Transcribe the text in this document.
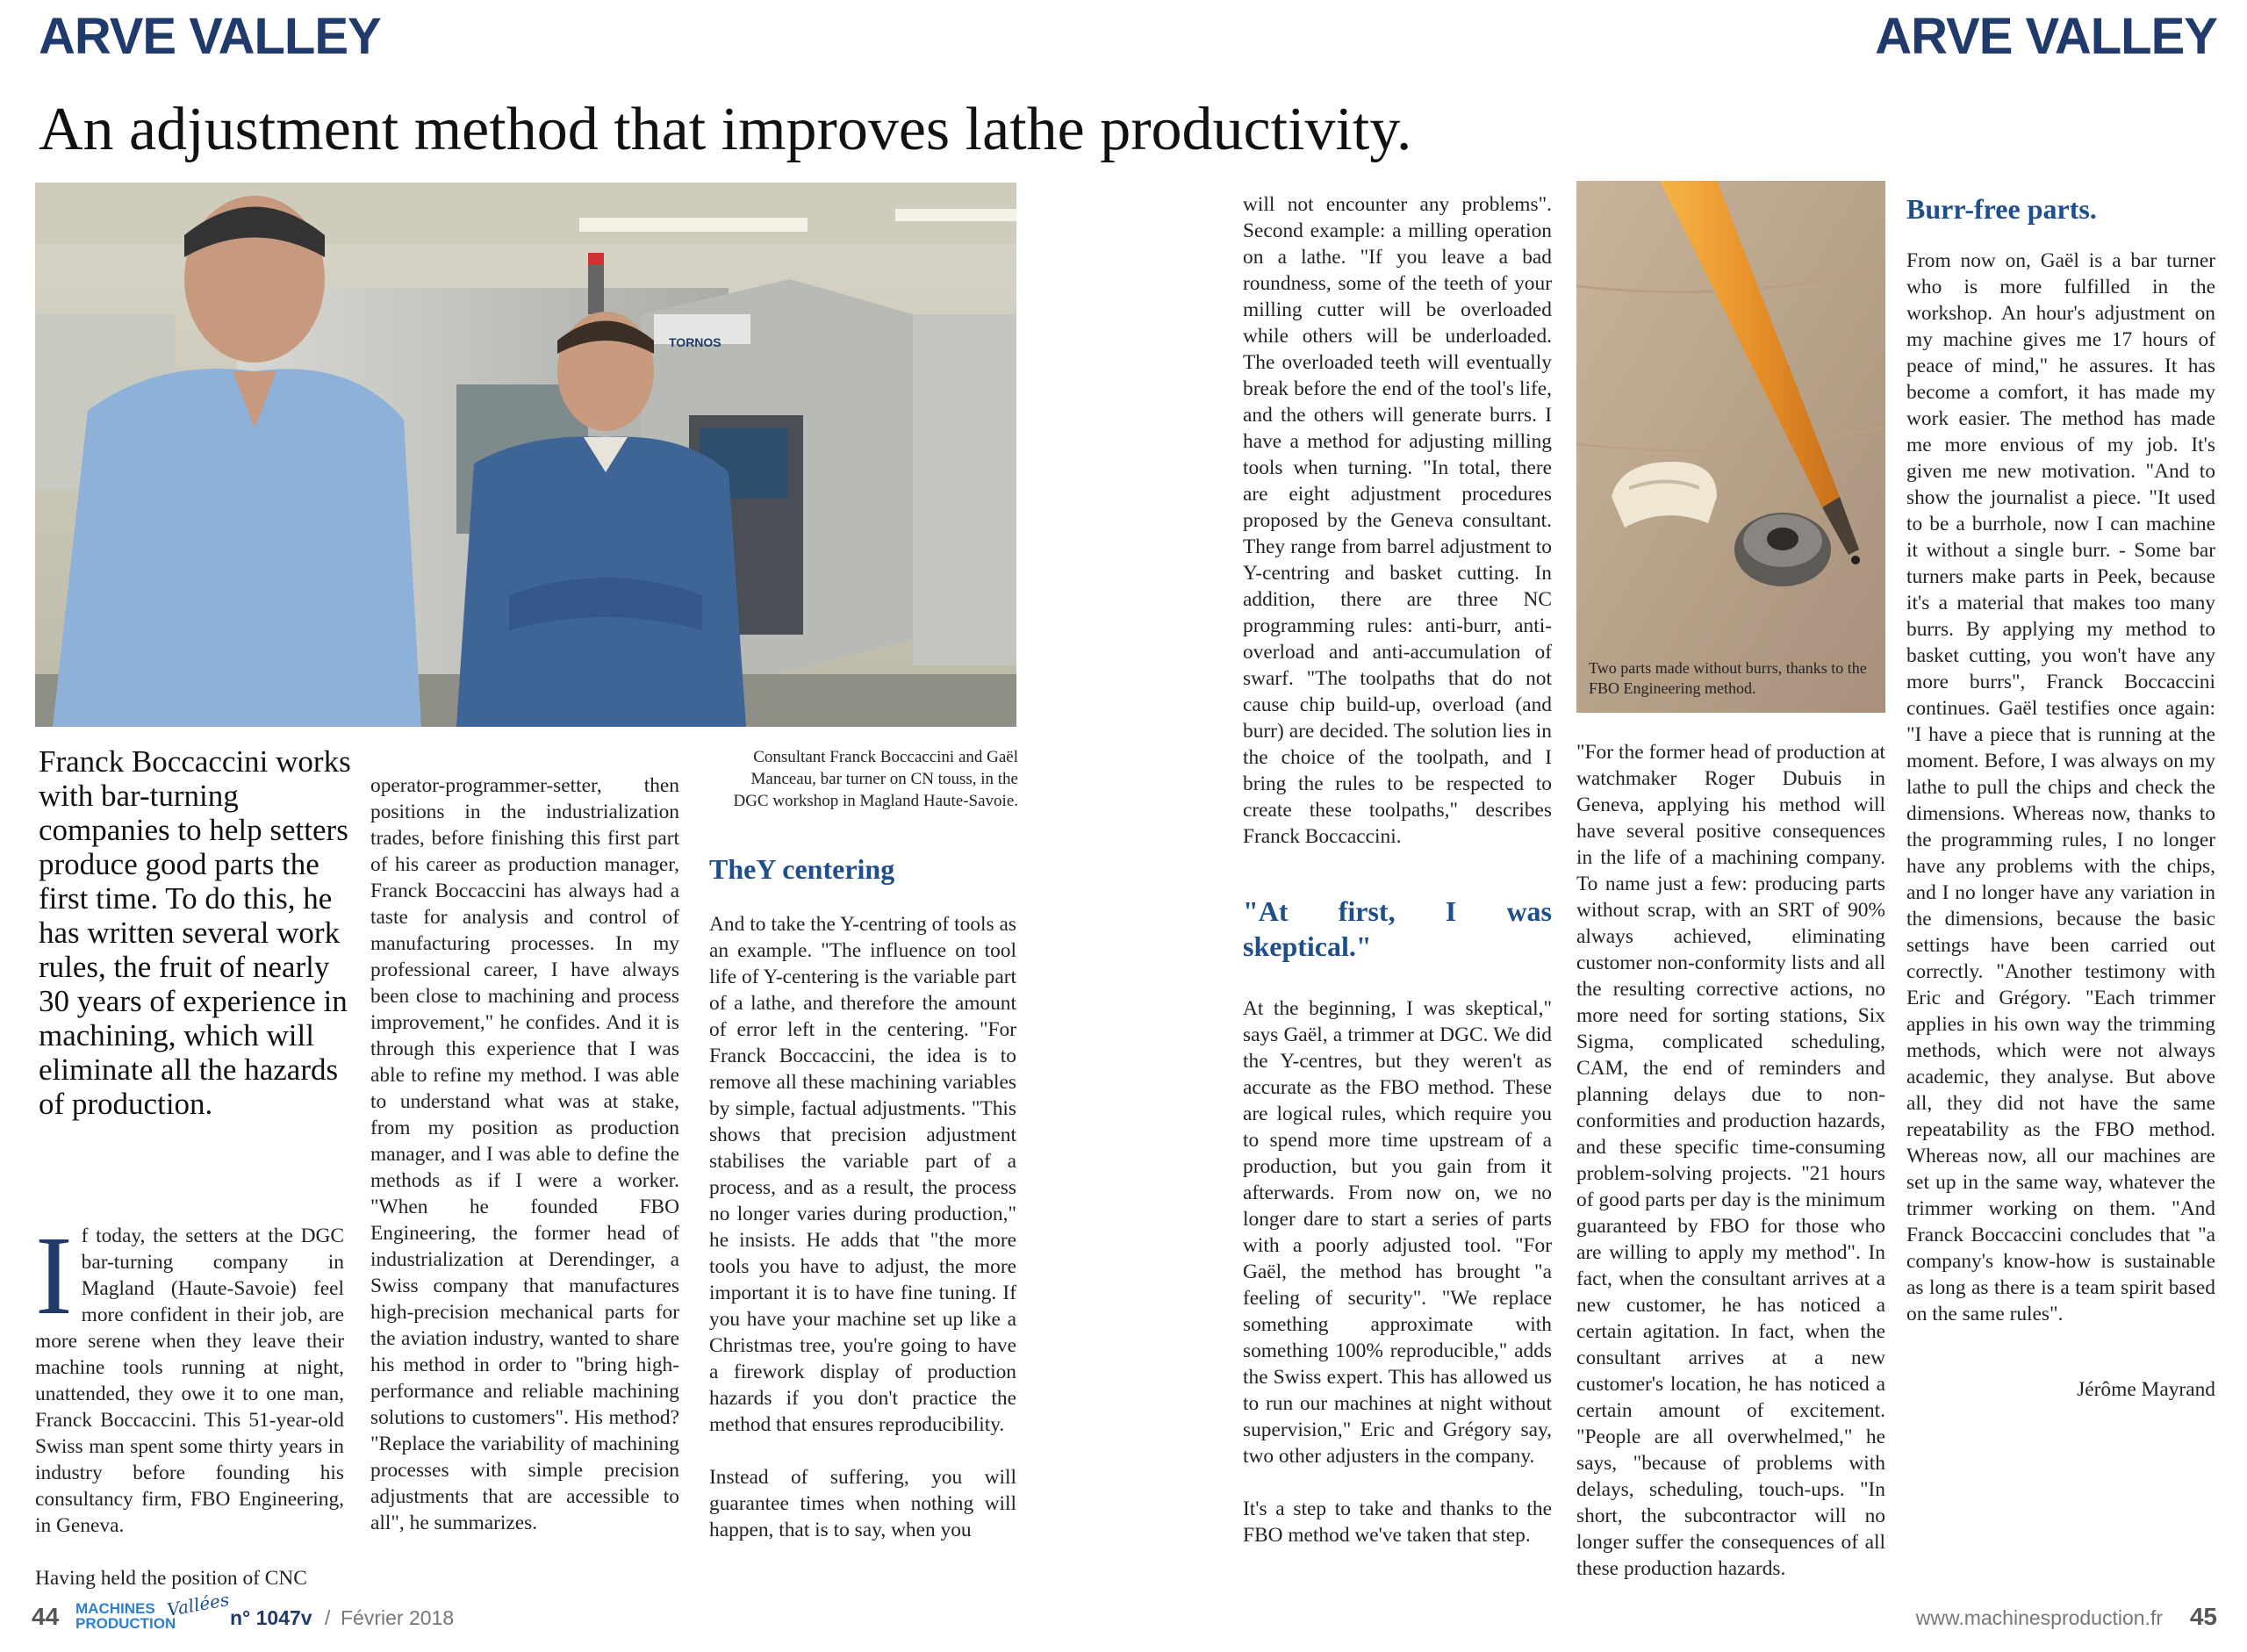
ARVE VALLEY	ARVE VALLEY
An adjustment method that improves lathe productivity.
TORNOS
Consultant Franck Boccaccini and Gaël Manceau, bar turner on CN touss, in the DGC workshop in Magland Haute-Savoie.
Franck Boccaccini works with bar-turning companies to help setters produce good parts the first time. To do this, he has written several work rules, the fruit of nearly 30 years of experience in machining, which will eliminate all the hazards of production.

If today, the setters at the DGC bar-turning company in Magland (Haute-Savoie) feel more confident in their job, are more serene when they leave their machine tools running at night, unattended, they owe it to one man, Franck Boccaccini. This 51-year-old Swiss man spent some thirty years in industry before founding his consultancy firm, FBO Engineering, in Geneva.

Having held the position of CNC

operator-programmer-setter, then positions in the industrialization trades, before finishing this first part of his career as production manager, Franck Boccaccini has always had a taste for analysis and control of manufacturing processes. In my professional career, I have always been close to machining and process improvement," he confides. And it is through this experience that I was able to refine my method. I was able to understand what was at stake, from my position as production manager, and I was able to define the methods as if I were a worker. "When he founded FBO Engineering, the former head of industrialization at Derendinger, a Swiss company that manufactures high-precision mechanical parts for the aviation industry, wanted to share his method in order to "bring high-performance and reliable machining solutions to customers". His method? "Replace the variability of machining processes with simple precision adjustments that are accessible to all", he summarizes.

TheY centering

And to take the Y-centring of tools as an example. "The influence on tool life of Y-centering is the variable part of a lathe, and therefore the amount of error left in the centering. "For Franck Boccaccini, the idea is to remove all these machining variables by simple, factual adjustments. "This shows that precision adjustment stabilises the variable part of a process, and as a result, the process no longer varies during production," he insists. He adds that "the more tools you have to adjust, the more important it is to have fine tuning. If you have your machine set up like a Christmas tree, you're going to have a firework display of production hazards if you don't practice the method that ensures reproducibility.

Instead of suffering, you will guarantee times when nothing will happen, that is to say, when you

will not encounter any problems". Second example: a milling operation on a lathe. "If you leave a bad roundness, some of the teeth of your milling cutter will be overloaded while others will be underloaded. The overloaded teeth will eventually break before the end of the tool's life, and the others will generate burrs. I have a method for adjusting milling tools when turning. "In total, there are eight adjustment procedures proposed by the Geneva consultant. They range from barrel adjustment to Y-centring and basket cutting. In addition, there are three NC programming rules: anti-burr, anti-overload and anti-accumulation of swarf. "The toolpaths that do not cause chip build-up, overload (and burr) are decided. The solution lies in the choice of the toolpath, and I bring the rules to be respected to create these toolpaths," describes Franck Boccaccini.

"At first, I was skeptical."

At the beginning, I was skeptical," says Gaël, a trimmer at DGC. We did the Y-centres, but they weren't as accurate as the FBO method. These are logical rules, which require you to spend more time upstream of a production, but you gain from it afterwards. From now on, we no longer dare to start a series of parts with a poorly adjusted tool. "For Gaël, the method has brought "a feeling of security". "We replace something approximate with something 100% reproducible," adds the Swiss expert. This has allowed us to run our machines at night without supervision," Eric and Grégory say, two other adjusters in the company.

It's a step to take and thanks to the FBO method we've taken that step.

Two parts made without burrs, thanks to the FBO Engineering method.

"For the former head of production at watchmaker Roger Dubuis in Geneva, applying his method will have several positive consequences in the life of a machining company. To name just a few: producing parts without scrap, with an SRT of 90% always achieved, eliminating customer non-conformity lists and all the resulting corrective actions, no more need for sorting stations, Six Sigma, complicated scheduling, CAM, the end of reminders and planning delays due to non-conformities and production hazards, and these specific time-consuming problem-solving projects. "21 hours of good parts per day is the minimum guaranteed by FBO for those who are willing to apply my method". In fact, when the consultant arrives at a new customer, he has noticed a certain agitation. In fact, when the consultant arrives at a new customer's location, he has noticed a certain amount of excitement. "People are all overwhelmed," he says, "because of problems with delays, scheduling, touch-ups. "In short, the subcontractor will no longer suffer the consequences of all these production hazards.

Burr-free parts.

From now on, Gaël is a bar turner who is more fulfilled in the workshop. An hour's adjustment on my machine gives me 17 hours of peace of mind," he assures. It has become a comfort, it has made my work easier. The method has made me more envious of my job. It's given me new motivation. "And to show the journalist a piece. "It used to be a burrhole, now I can machine it without a single burr. - Some bar turners make parts in Peek, because it's a material that makes too many burrs. By applying my method to basket cutting, you won't have any more burrs", Franck Boccaccini continues. Gaël testifies once again: "I have a piece that is running at the moment. Before, I was always on my lathe to pull the chips and check the dimensions. Whereas now, thanks to the programming rules, I no longer have any problems with the chips, and I no longer have any variation in the dimensions, because the basic settings have been carried out correctly. "Another testimony with Eric and Grégory. "Each trimmer applies in his own way the trimming methods, which were not always academic, they analyse. But above all, they did not have the same repeatability as the FBO method. Whereas now, all our machines are set up in the same way, whatever the trimmer working on them. "And Franck Boccaccini concludes that "a company's know-how is sustainable as long as there is a team spirit based on the same rules".

Jérôme Mayrand
44 MACHINES
PRODUCTION
Vallées n° 1047v / Février 2018	www.machinesproduction.fr 45
